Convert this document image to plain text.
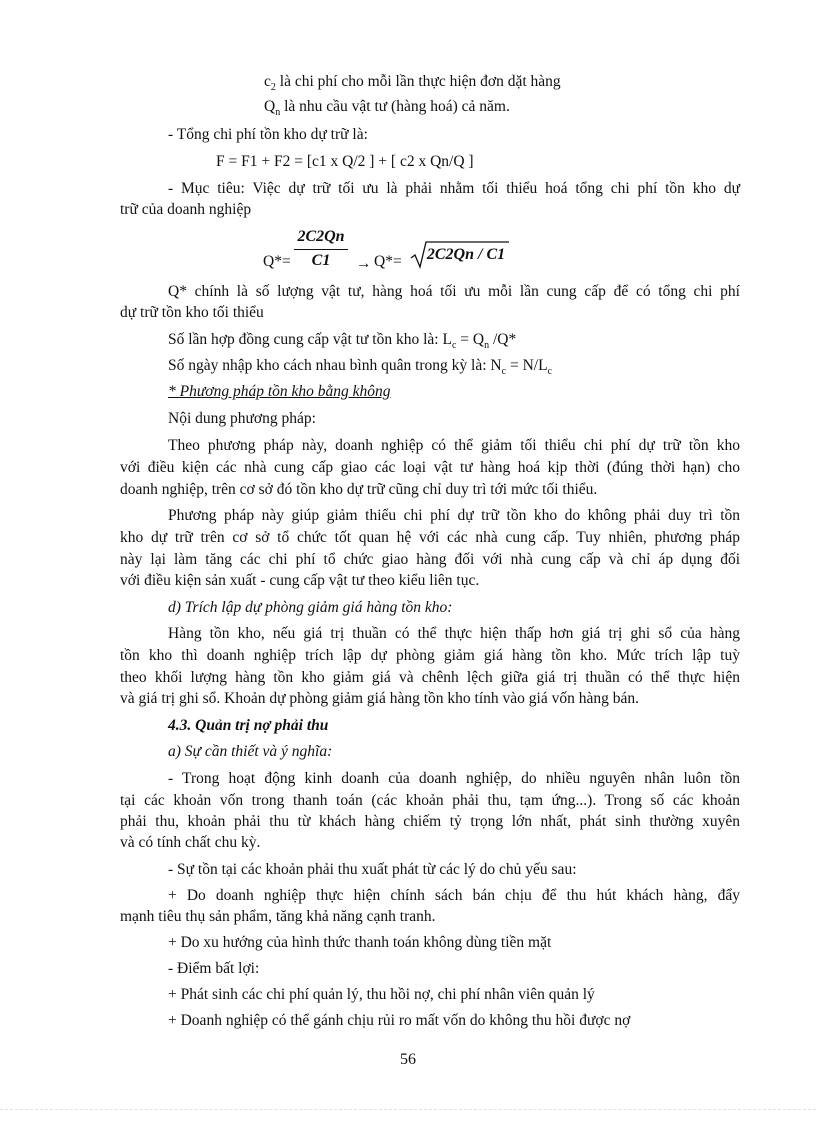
$c_2$ là chi phí cho mỗi lần thực hiện đơn dặt hàng
$Q_n$ là nhu cầu vật tư (hàng hoá) cả năm.
- Tổng chi phí tồn kho dự trữ là:
F = F1 + F2 = [c1 x Q/2 ] + [ c2 x Qn/Q ]
- Mục tiêu: Việc dự trữ tối ưu là phải nhằm tối thiểu hoá tổng chi phí tồn kho dự
trữ của doanh nghiệp
Q*=
2C2Qn
C1	→ Q*= 2C2Qn / C1
Q* chính là số lượng vật tư, hàng hoá tối ưu mỗi lần cung cấp để có tổng chi phí
dự trữ tồn kho tối thiểu
Số lần hợp đồng cung cấp vật tư tồn kho là: $L_c = Q_n$ /Q*
Số ngày nhập kho cách nhau bình quân trong kỳ là: $N_c = N/L_c$
* Phương pháp tồn kho bằng không
Nội dung phương pháp:
Theo phương pháp này, doanh nghiệp có thể giảm tối thiểu chi phí dự trữ tồn kho
với điều kiện các nhà cung cấp giao các loại vật tư hàng hoá kịp thời (đúng thời hạn) cho
doanh nghiệp, trên cơ sở đó tồn kho dự trữ cũng chỉ duy trì tới mức tối thiểu.
Phương pháp này giúp giảm thiểu chi phí dự trữ tồn kho do không phải duy trì tồn
kho dự trữ trên cơ sở tổ chức tốt quan hệ với các nhà cung cấp. Tuy nhiên, phương pháp
này lại làm tăng các chi phí tổ chức giao hàng đối với nhà cung cấp và chỉ áp dụng đối
với điều kiện sản xuất - cung cấp vật tư theo kiểu liên tục.
d) Trích lập dự phòng giảm giá hàng tồn kho:
Hàng tồn kho, nếu giá trị thuần có thể thực hiện thấp hơn giá trị ghi sổ của hàng
tồn kho thì doanh nghiệp trích lập dự phòng giảm giá hàng tồn kho. Mức trích lập tuỳ
theo khối lượng hàng tồn kho giảm giá và chênh lệch giữa giá trị thuần có thể thực hiện
và giá trị ghi sổ. Khoản dự phòng giảm giá hàng tồn kho tính vào giá vốn hàng bán.
4.3. Quản trị nợ phải thu
a) Sự cần thiết và ý nghĩa:
- Trong hoạt động kinh doanh của doanh nghiệp, do nhiều nguyên nhân luôn tồn
tại các khoản vốn trong thanh toán (các khoản phải thu, tạm ứng...). Trong số các khoản
phải thu, khoản phải thu từ khách hàng chiếm tỷ trọng lớn nhất, phát sinh thường xuyên
và có tính chất chu kỳ.
- Sự tồn tại các khoản phải thu xuất phát từ các lý do chủ yếu sau:
+ Do doanh nghiệp thực hiện chính sách bán chịu để thu hút khách hàng, đẩy
mạnh tiêu thụ sản phẩm, tăng khả năng cạnh tranh.
+ Do xu hướng của hình thức thanh toán không dùng tiền mặt
- Điểm bất lợi:
+ Phát sinh các chi phí quản lý, thu hồi nợ, chi phí nhân viên quản lý
+ Doanh nghiệp có thể gánh chịu rủi ro mất vốn do không thu hồi được nợ
56
